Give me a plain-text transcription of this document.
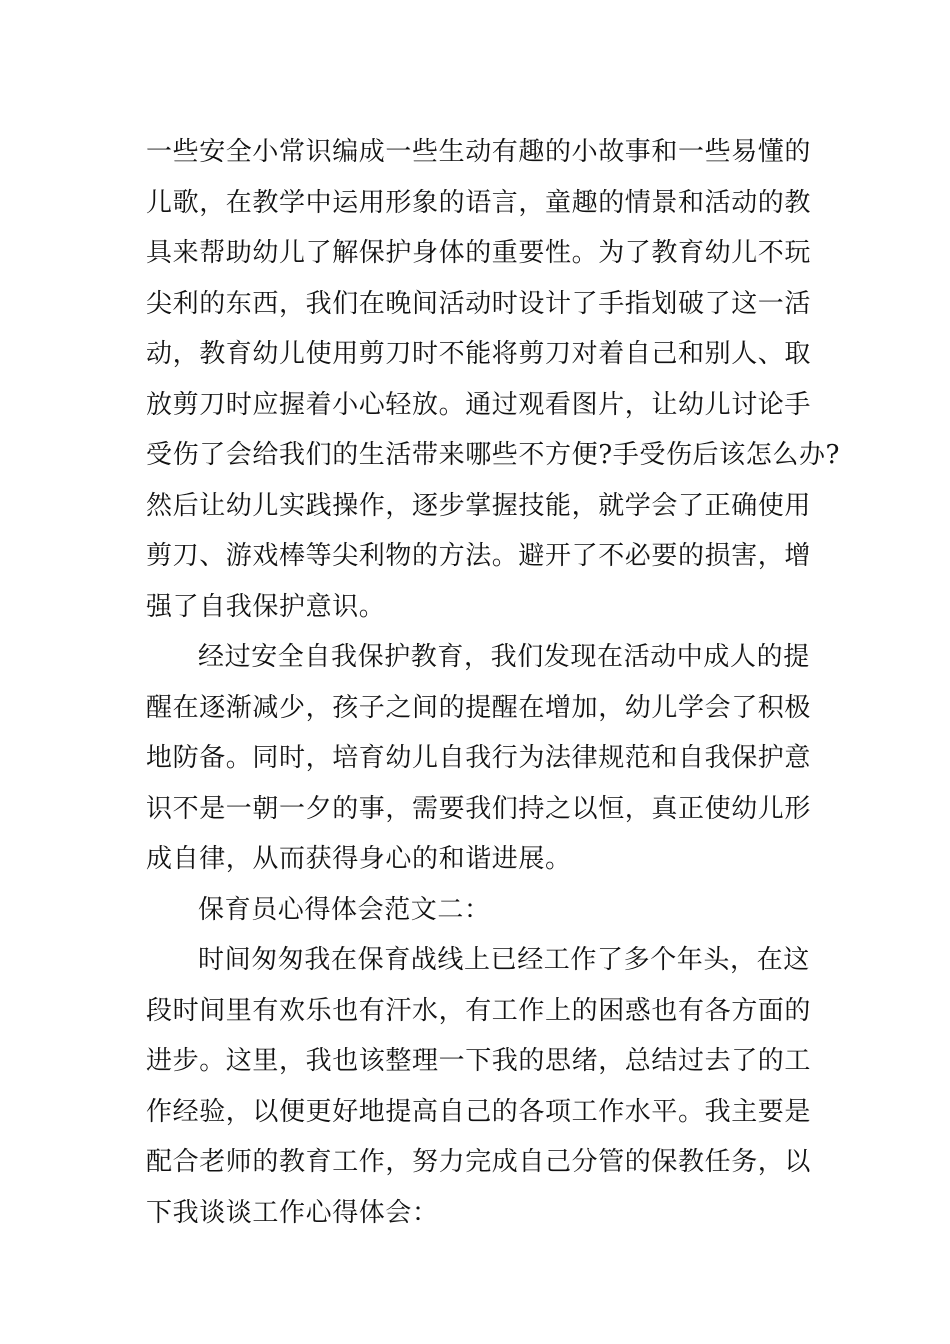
一些安全小常识编成一些生动有趣的小故事和一些易懂的
儿歌，在教学中运用形象的语言，童趣的情景和活动的教
具来帮助幼儿了解保护身体的重要性。为了教育幼儿不玩
尖利的东西，我们在晚间活动时设计了手指划破了这一活
动，教育幼儿使用剪刀时不能将剪刀对着自己和别人、取
放剪刀时应握着小心轻放。通过观看图片，让幼儿讨论手
受伤了会给我们的生活带来哪些不方便?手受伤后该怎么办?
然后让幼儿实践操作，逐步掌握技能，就学会了正确使用
剪刀、游戏棒等尖利物的方法。避开了不必要的损害，增
强了自我保护意识。
经过安全自我保护教育，我们发现在活动中成人的提
醒在逐渐减少，孩子之间的提醒在增加，幼儿学会了积极
地防备。同时，培育幼儿自我行为法律规范和自我保护意
识不是一朝一夕的事，需要我们持之以恒，真正使幼儿形
成自律，从而获得身心的和谐进展。
保育员心得体会范文二：
时间匆匆我在保育战线上已经工作了多个年头，在这
段时间里有欢乐也有汗水，有工作上的困惑也有各方面的
进步。这里，我也该整理一下我的思绪，总结过去了的工
作经验，以便更好地提高自己的各项工作水平。我主要是
配合老师的教育工作，努力完成自己分管的保教任务，以
下我谈谈工作心得体会：
